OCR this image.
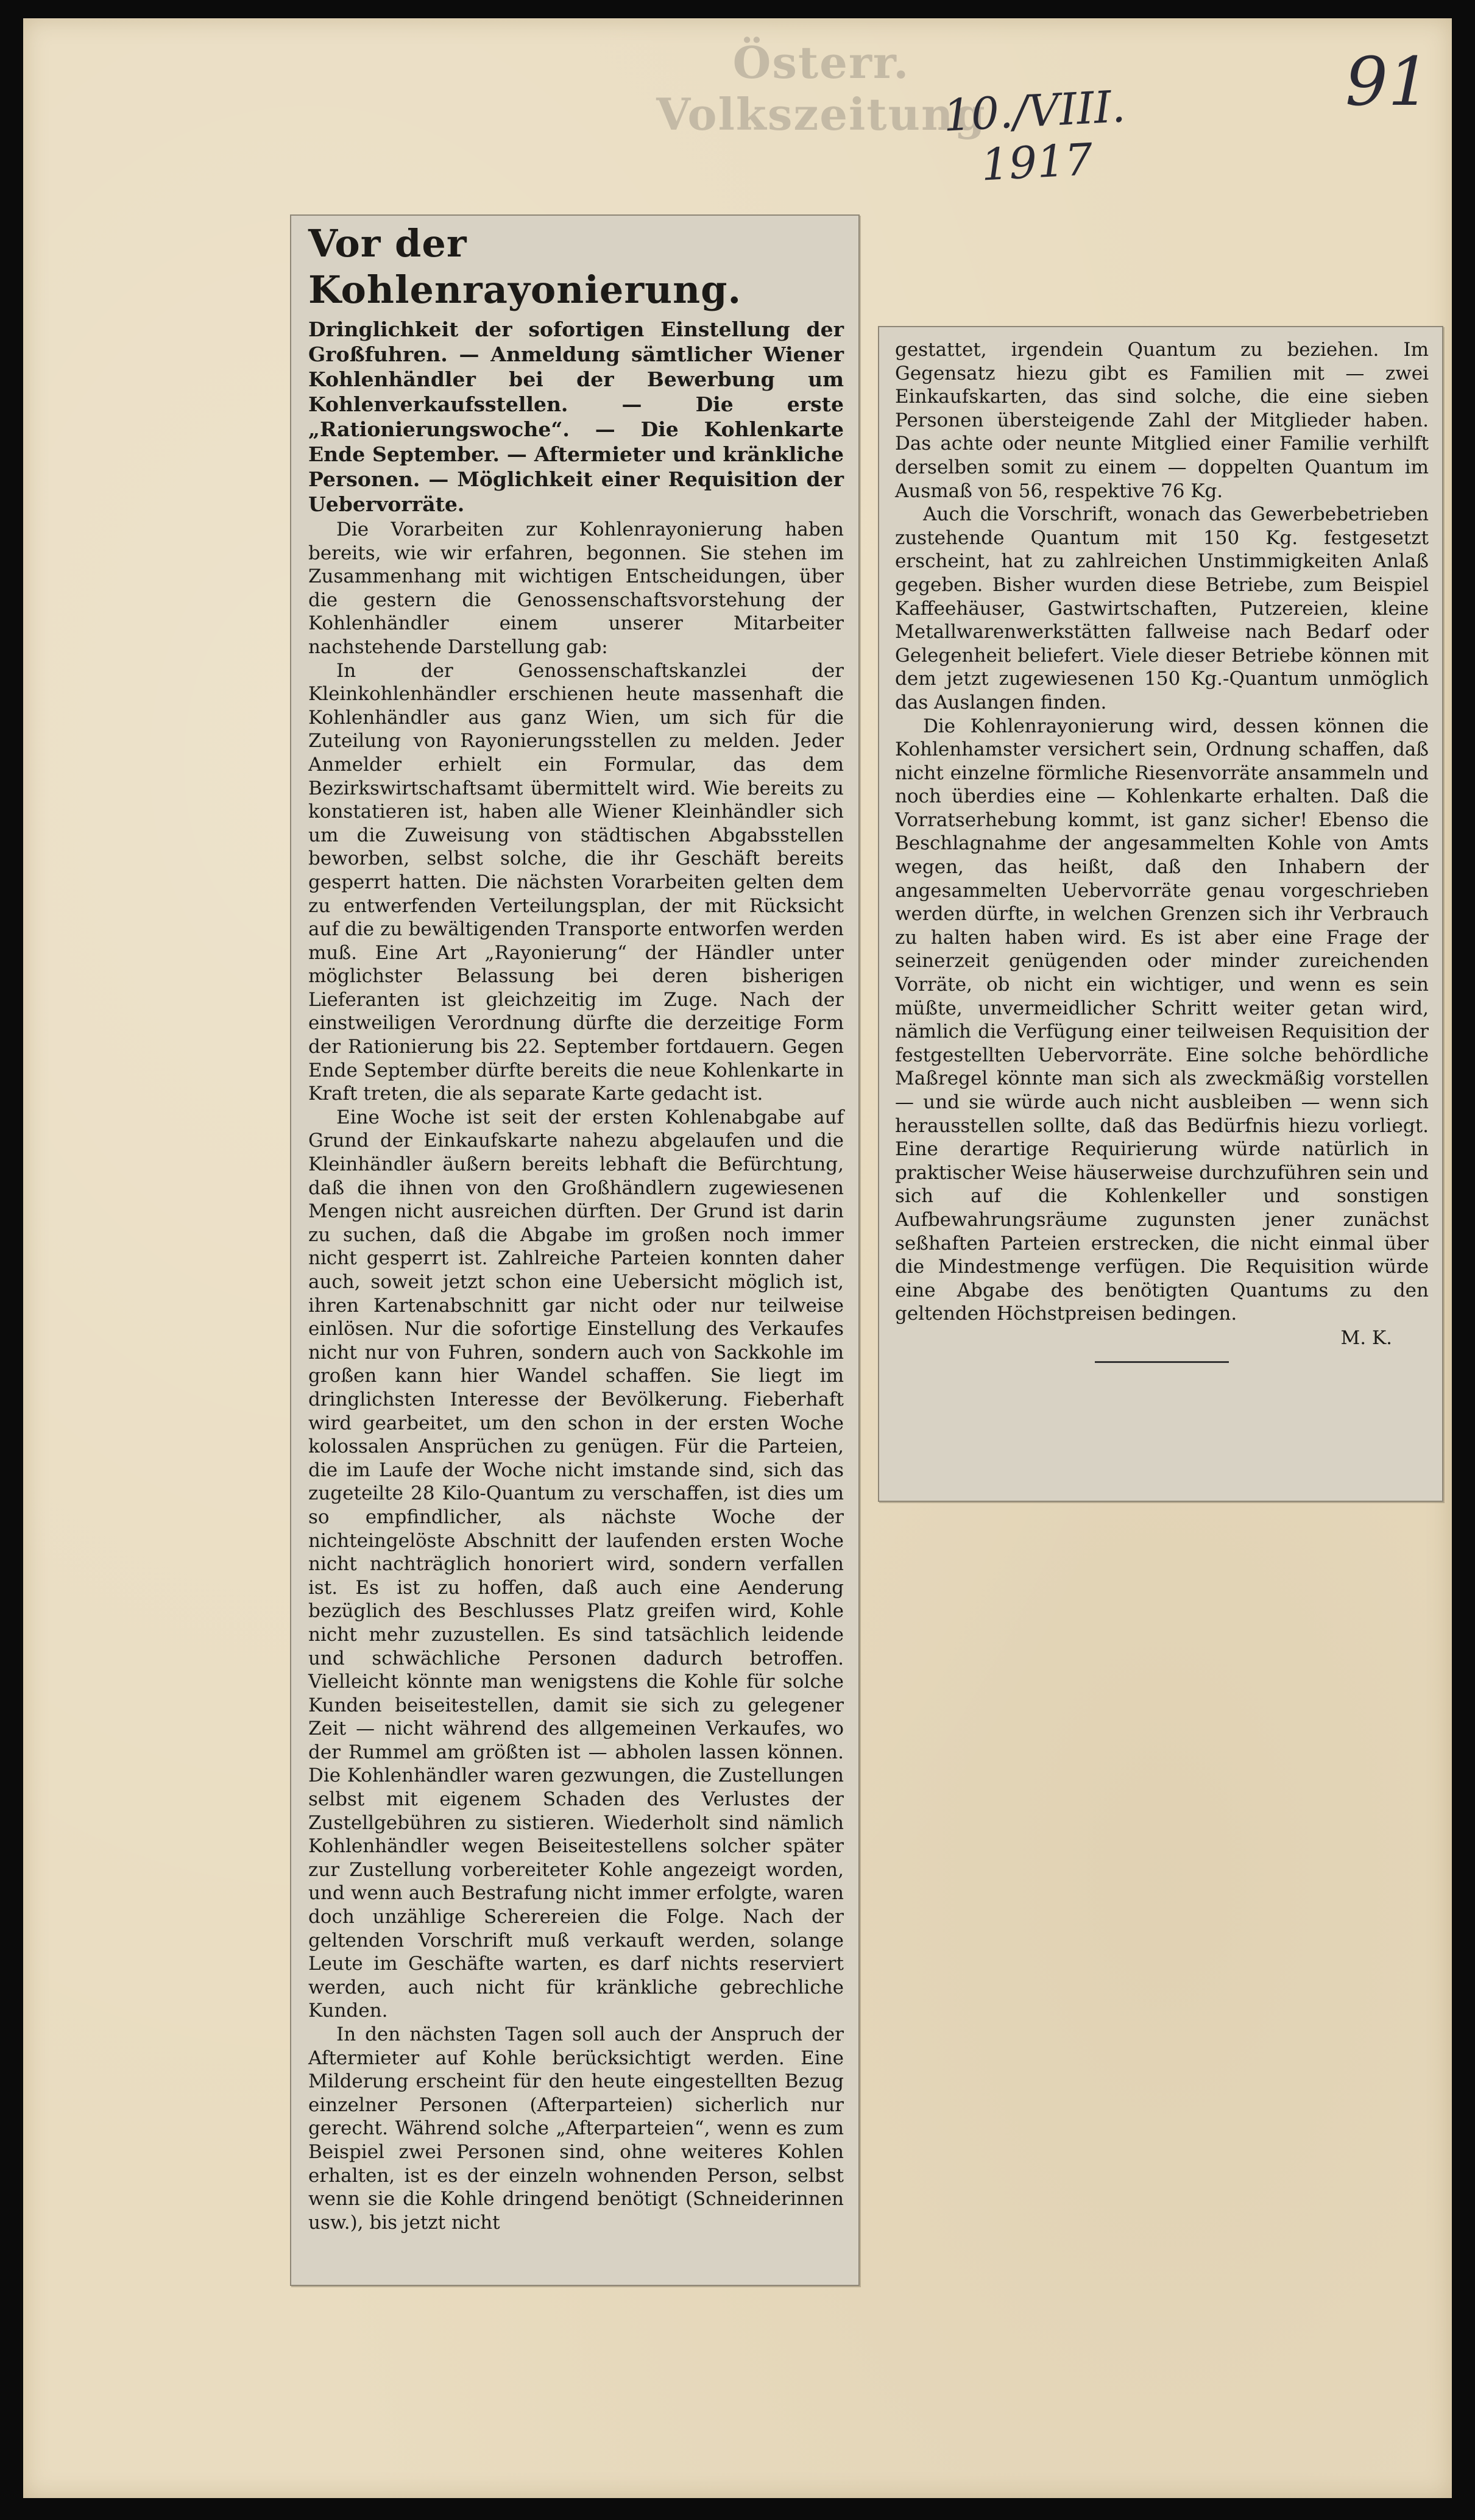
Österr. Volkszeitung
10./VIII. 1917
91
Vor der Kohlenrayonierung.
Dringlichkeit der sofortigen Einstellung der Großfuhren. — Anmeldung sämtlicher Wiener Kohlenhändler bei der Bewerbung um Kohlenverkaufsstellen. — Die erste „Rationierungswoche“. — Die Kohlenkarte Ende September. — Aftermieter und kränkliche Personen. — Möglichkeit einer Requisition der Uebervorräte.

Die Vorarbeiten zur Kohlenrayonierung haben bereits, wie wir erfahren, begonnen. Sie stehen im Zusammenhang mit wichtigen Entscheidungen, über die gestern die Genossenschaftsvorstehung der Kohlenhändler einem unserer Mitarbeiter nachstehende Darstellung gab:

In der Genossenschaftskanzlei der Kleinkohlenhändler erschienen heute massenhaft die Kohlenhändler aus ganz Wien, um sich für die Zuteilung von Rayonierungsstellen zu melden. Jeder Anmelder erhielt ein Formular, das dem Bezirkswirtschaftsamt übermittelt wird. Wie bereits zu konstatieren ist, haben alle Wiener Kleinhändler sich um die Zuweisung von städtischen Abgabsstellen beworben, selbst solche, die ihr Geschäft bereits gesperrt hatten. Die nächsten Vorarbeiten gelten dem zu entwerfenden Verteilungsplan, der mit Rücksicht auf die zu bewältigenden Transporte entworfen werden muß. Eine Art „Rayonierung“ der Händler unter möglichster Belassung bei deren bisherigen Lieferanten ist gleichzeitig im Zuge. Nach der einstweiligen Verordnung dürfte die derzeitige Form der Rationierung bis 22. September fortdauern. Gegen Ende September dürfte bereits die neue Kohlenkarte in Kraft treten, die als separate Karte gedacht ist.

Eine Woche ist seit der ersten Kohlenabgabe auf Grund der Einkaufskarte nahezu abgelaufen und die Kleinhändler äußern bereits lebhaft die Befürchtung, daß die ihnen von den Großhändlern zugewiesenen Mengen nicht ausreichen dürften. Der Grund ist darin zu suchen, daß die Abgabe im großen noch immer nicht gesperrt ist. Zahlreiche Parteien konnten daher auch, soweit jetzt schon eine Uebersicht möglich ist, ihren Kartenabschnitt gar nicht oder nur teilweise einlösen. Nur die sofortige Einstellung des Verkaufes nicht nur von Fuhren, sondern auch von Sackkohle im großen kann hier Wandel schaffen. Sie liegt im dringlichsten Interesse der Bevölkerung. Fieberhaft wird gearbeitet, um den schon in der ersten Woche kolossalen Ansprüchen zu genügen. Für die Parteien, die im Laufe der Woche nicht imstande sind, sich das zugeteilte 28 Kilo-Quantum zu verschaffen, ist dies um so empfindlicher, als nächste Woche der nichteingelöste Abschnitt der laufenden ersten Woche nicht nachträglich honoriert wird, sondern verfallen ist. Es ist zu hoffen, daß auch eine Aenderung bezüglich des Beschlusses Platz greifen wird, Kohle nicht mehr zuzustellen. Es sind tatsächlich leidende und schwächliche Personen dadurch betroffen. Vielleicht könnte man wenigstens die Kohle für solche Kunden beiseitestellen, damit sie sich zu gelegener Zeit — nicht während des allgemeinen Verkaufes, wo der Rummel am größten ist — abholen lassen können. Die Kohlenhändler waren gezwungen, die Zustellungen selbst mit eigenem Schaden des Verlustes der Zustellgebühren zu sistieren. Wiederholt sind nämlich Kohlenhändler wegen Beiseitestellens solcher später zur Zustellung vorbereiteter Kohle angezeigt worden, und wenn auch Bestrafung nicht immer erfolgte, waren doch unzählige Scherereien die Folge. Nach der geltenden Vorschrift muß verkauft werden, solange Leute im Geschäfte warten, es darf nichts reserviert werden, auch nicht für kränkliche gebrechliche Kunden.

In den nächsten Tagen soll auch der Anspruch der Aftermieter auf Kohle berücksichtigt werden. Eine Milderung erscheint für den heute eingestellten Bezug einzelner Personen (Afterparteien) sicherlich nur gerecht. Während solche „Afterparteien“, wenn es zum Beispiel zwei Personen sind, ohne weiteres Kohlen erhalten, ist es der einzeln wohnenden Person, selbst wenn sie die Kohle dringend benötigt (Schneiderinnen usw.), bis jetzt nicht

gestattet, irgendein Quantum zu beziehen. Im Gegensatz hiezu gibt es Familien mit — zwei Einkaufskarten, das sind solche, die eine sieben Personen übersteigende Zahl der Mitglieder haben. Das achte oder neunte Mitglied einer Familie verhilft derselben somit zu einem — doppelten Quantum im Ausmaß von 56, respektive 76 Kg.

Auch die Vorschrift, wonach das Gewerbebetrieben zustehende Quantum mit 150 Kg. festgesetzt erscheint, hat zu zahlreichen Unstimmigkeiten Anlaß gegeben. Bisher wurden diese Betriebe, zum Beispiel Kaffeehäuser, Gastwirtschaften, Putzereien, kleine Metallwarenwerkstätten fallweise nach Bedarf oder Gelegenheit beliefert. Viele dieser Betriebe können mit dem jetzt zugewiesenen 150 Kg.-Quantum unmöglich das Auslangen finden.

Die Kohlenrayonierung wird, dessen können die Kohlenhamster versichert sein, Ordnung schaffen, daß nicht einzelne förmliche Riesenvorräte ansammeln und noch überdies eine — Kohlenkarte erhalten. Daß die Vorratserhebung kommt, ist ganz sicher! Ebenso die Beschlagnahme der angesammelten Kohle von Amts wegen, das heißt, daß den Inhabern der angesammelten Uebervorräte genau vorgeschrieben werden dürfte, in welchen Grenzen sich ihr Verbrauch zu halten haben wird. Es ist aber eine Frage der seinerzeit genügenden oder minder zureichenden Vorräte, ob nicht ein wichtiger, und wenn es sein müßte, unvermeidlicher Schritt weiter getan wird, nämlich die Verfügung einer teilweisen Requisition der festgestellten Uebervorräte. Eine solche behördliche Maßregel könnte man sich als zweckmäßig vorstellen — und sie würde auch nicht ausbleiben — wenn sich herausstellen sollte, daß das Bedürfnis hiezu vorliegt. Eine derartige Requirierung würde natürlich in praktischer Weise häuserweise durchzuführen sein und sich auf die Kohlenkeller und sonstigen Aufbewahrungsräume zugunsten jener zunächst seßhaften Parteien erstrecken, die nicht einmal über die Mindestmenge verfügen. Die Requisition würde eine Abgabe des benötigten Quantums zu den geltenden Höchstpreisen bedingen.

M. K.
